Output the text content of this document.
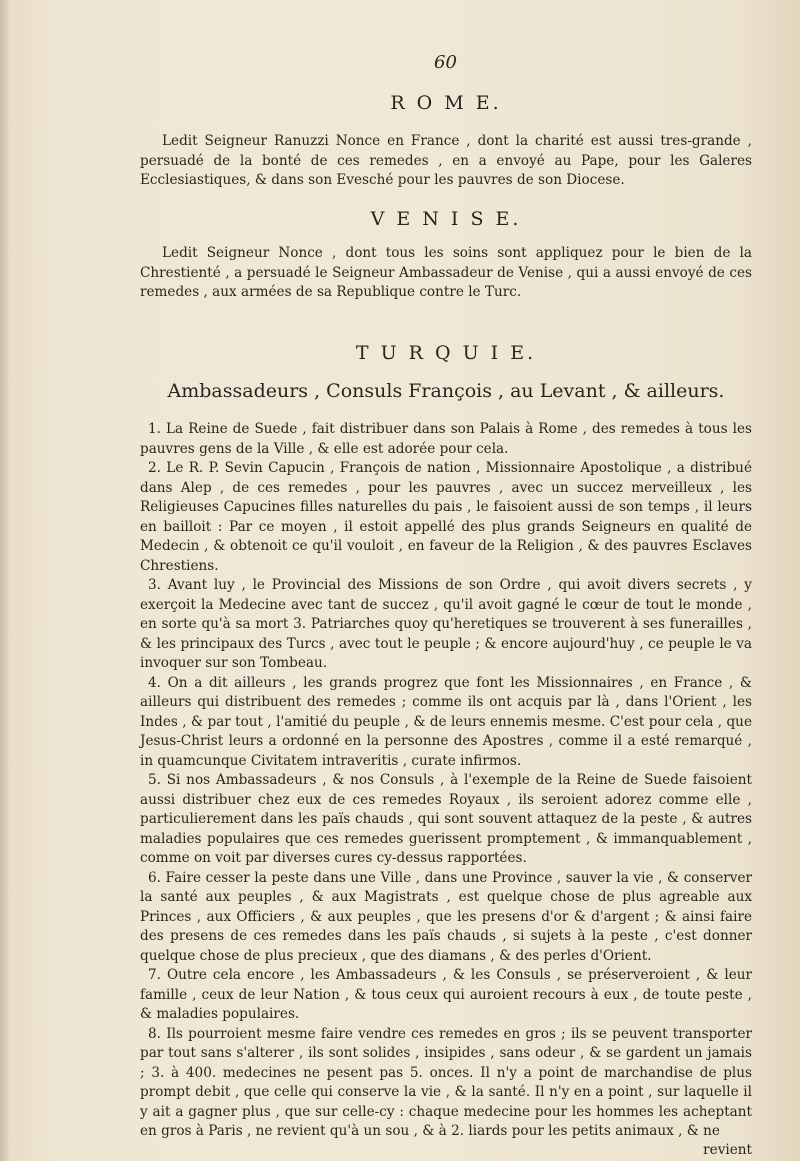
60
R O M E.

Ledit Seigneur Ranuzzi Nonce en France , dont la charité est aussi tres-grande , persuadé de la bonté de ces remedes , en a envoyé au Pape, pour les Galeres Ecclesiastiques, & dans son Evesché pour les pauvres de son Diocese.

V E N I S E.

Ledit Seigneur Nonce , dont tous les soins sont appliquez pour le bien de la Chrestienté , a persuadé le Seigneur Ambassadeur de Venise , qui a aussi envoyé de ces remedes , aux armées de sa Republique contre le Turc.

T U R Q U I E.
Ambassadeurs , Consuls François , au Levant , & ailleurs.

1. La Reine de Suede , fait distribuer dans son Palais à Rome , des remedes à tous les pauvres gens de la Ville , & elle est adorée pour cela.

2. Le R. P. Sevin Capucin , François de nation , Missionnaire Apostolique , a distribué dans Alep , de ces remedes , pour les pauvres , avec un succez merveilleux , les Religieuses Capucines filles naturelles du pais , le faisoient aussi de son temps , il leurs en bailloit : Par ce moyen , il estoit appellé des plus grands Seigneurs en qualité de Medecin , & obtenoit ce qu'il vouloit , en faveur de la Religion , & des pauvres Esclaves Chrestiens.

3. Avant luy , le Provincial des Missions de son Ordre , qui avoit divers secrets , y exerçoit la Medecine avec tant de succez , qu'il avoit gagné le cœur de tout le monde , en sorte qu'à sa mort 3. Patriarches quoy qu'heretiques se trouverent à ses funerailles , & les principaux des Turcs , avec tout le peuple ; & encore aujourd'huy , ce peuple le va invoquer sur son Tombeau.

4. On a dit ailleurs , les grands progrez que font les Missionnaires , en France , & ailleurs qui distribuent des remedes ; comme ils ont acquis par là , dans l'Orient , les Indes , & par tout , l'amitié du peuple , & de leurs ennemis mesme. C'est pour cela , que Jesus-Christ leurs a ordonné en la personne des Apostres , comme il a esté remarqué , in quamcunque Civitatem intraveritis , curate infirmos.

5. Si nos Ambassadeurs , & nos Consuls , à l'exemple de la Reine de Suede faisoient aussi distribuer chez eux de ces remedes Royaux , ils seroient adorez comme elle , particulierement dans les païs chauds , qui sont souvent attaquez de la peste , & autres maladies populaires que ces remedes guerissent promptement , & immanquablement , comme on voit par diverses cures cy-dessus rapportées.

6. Faire cesser la peste dans une Ville , dans une Province , sauver la vie , & conserver la santé aux peuples , & aux Magistrats , est quelque chose de plus agreable aux Princes , aux Officiers , & aux peuples , que les presens d'or & d'argent ; & ainsi faire des presens de ces remedes dans les païs chauds , si sujets à la peste , c'est donner quelque chose de plus precieux , que des diamans , & des perles d'Orient.

7. Outre cela encore , les Ambassadeurs , & les Consuls , se préserveroient , & leur famille , ceux de leur Nation , & tous ceux qui auroient recours à eux , de toute peste , & maladies populaires.

8. Ils pourroient mesme faire vendre ces remedes en gros ; ils se peuvent transporter par tout sans s'alterer , ils sont solides , insipides , sans odeur , & se gardent un jamais ; 3. à 400. medecines ne pesent pas 5. onces. Il n'y a point de marchandise de plus prompt debit , que celle qui conserve la vie , & la santé. Il n'y en a point , sur laquelle il y ait a gagner plus , que sur celle-cy : chaque medecine pour les hommes les acheptant en gros à Paris , ne revient qu'à un sou , & à 2. liards pour les petits animaux , & ne

revient
